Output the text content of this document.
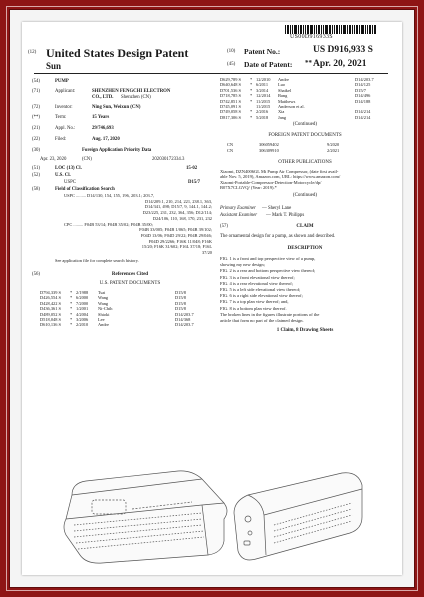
US00D916933S
(12) United States Design Patent
Sun
(10) Patent No.:	US D916,933 S
(45) Date of Patent: ** Apr. 20, 2021
(54)	PUMP
(71)	Applicant:	SHENZHEN FENGCHI ELECTRON
CO., LTD. Shenzhen (CN)
(72)	Inventor:	Ning Sun, Weixun (CN)
(**)	Term:	15 Years
(21)	Appl. No.:	29/746,693
(22)	Filed:	Aug. 17, 2020
(30)	Foreign Application Priority Data
Apr. 23, 2020	(CN)	202030172334.3
(51)	LOC (13) Cl.	15-02
(52)	U.S. Cl.
USPC	D15/7
(58)	Field of Classification Search
USPC ......... D14/130, 154, 155, 196, 203.1; 203.7,
D14/209.1, 210, 214, 221, 238.1, 363,
D14/341, 498; D15/7, 9, 144.1, 144.2;
D23/225, 231, 232, 364, 356; D12/114;
D24/106, 110, 168, 170, 231, 232
CPC ......... F04B 53/14; F04B 35/02; F04B 35/00;
F04B 33/005; F04B 1/065; F04B 39/102;
F04D 13/06; F04D 29/22; F04B 29/046;
F04D 29/2266; F16K 11/048; F16K
15/20; F16K 31/602; F16L 37/18; F16L
37/20
See application file for complete search history.
(56)	References Cited
U.S. PATENT DOCUMENTS
D794,339 S * 2/1988 Tsai	D15/8
D426,554 S * 6/2000 Wang	D15/8
D428,422 S * 7/2000 Wang	D15/8
D436,361 S * 1/2001 Ni-Chih	D15/8
D489,052 S * 4/2004 Shioki	D14/203.7
D518,048 S * 3/2006 Lee	D14/368
D610,136 S * 2/2010 Andre	D14/203.7
D629,789 S * 12/2010 Andre	D14/203.7
D640,648 S * 6/2011 Luo	D14/125
D701,536 S * 3/2014 Shaikel	D15/7
D718,785 S * 12/2014 Bang	D14/496
D742,851 S * 11/2015 Matthews	D14/188
D745,091 S	11/2015 Anderson et al.
D749,058 S * 2/2016 Xia	D14/214
D817,306 S * 5/2018 Jang	D14/214
(Continued)
FOREIGN PATENT DOCUMENTS
CN	306059402	9/2020
CN	306309910	2/2021
OTHER PUBLICATIONS
Xiaomi, DZN4006GL Mi Pump Air Compressor, (date first avail-
able Nov. 5, 2019), Amazon.com, URL: https://www.amazon.com/
Xiaomi-Portable-Compressor-Detection-Motorcycle/dp/
B07X7CLGVQ/ (Year: 2019).*
(Continued)
Primary Examiner — Sheryl Lane
Assistant Examiner — Mark T. Philipps
(57)	CLAIM
The ornamental design for a pump, as shown and described.
DESCRIPTION
FIG. 1 is a front and top perspective view of a pump,
showing my new design;
FIG. 2 is a rear and bottom perspective view thereof;
FIG. 3 is a front elevational view thereof;
FIG. 4 is a rear elevational view thereof;
FIG. 5 is a left side elevational view thereof;
FIG. 6 is a right side elevational view thereof;
FIG. 7 is a top plan view thereof; and,
FIG. 8 is a bottom plan view thereof.
The broken lines in the figures illustrate portions of the
article that form no part of the claimed design.
1 Claim, 8 Drawing Sheets
